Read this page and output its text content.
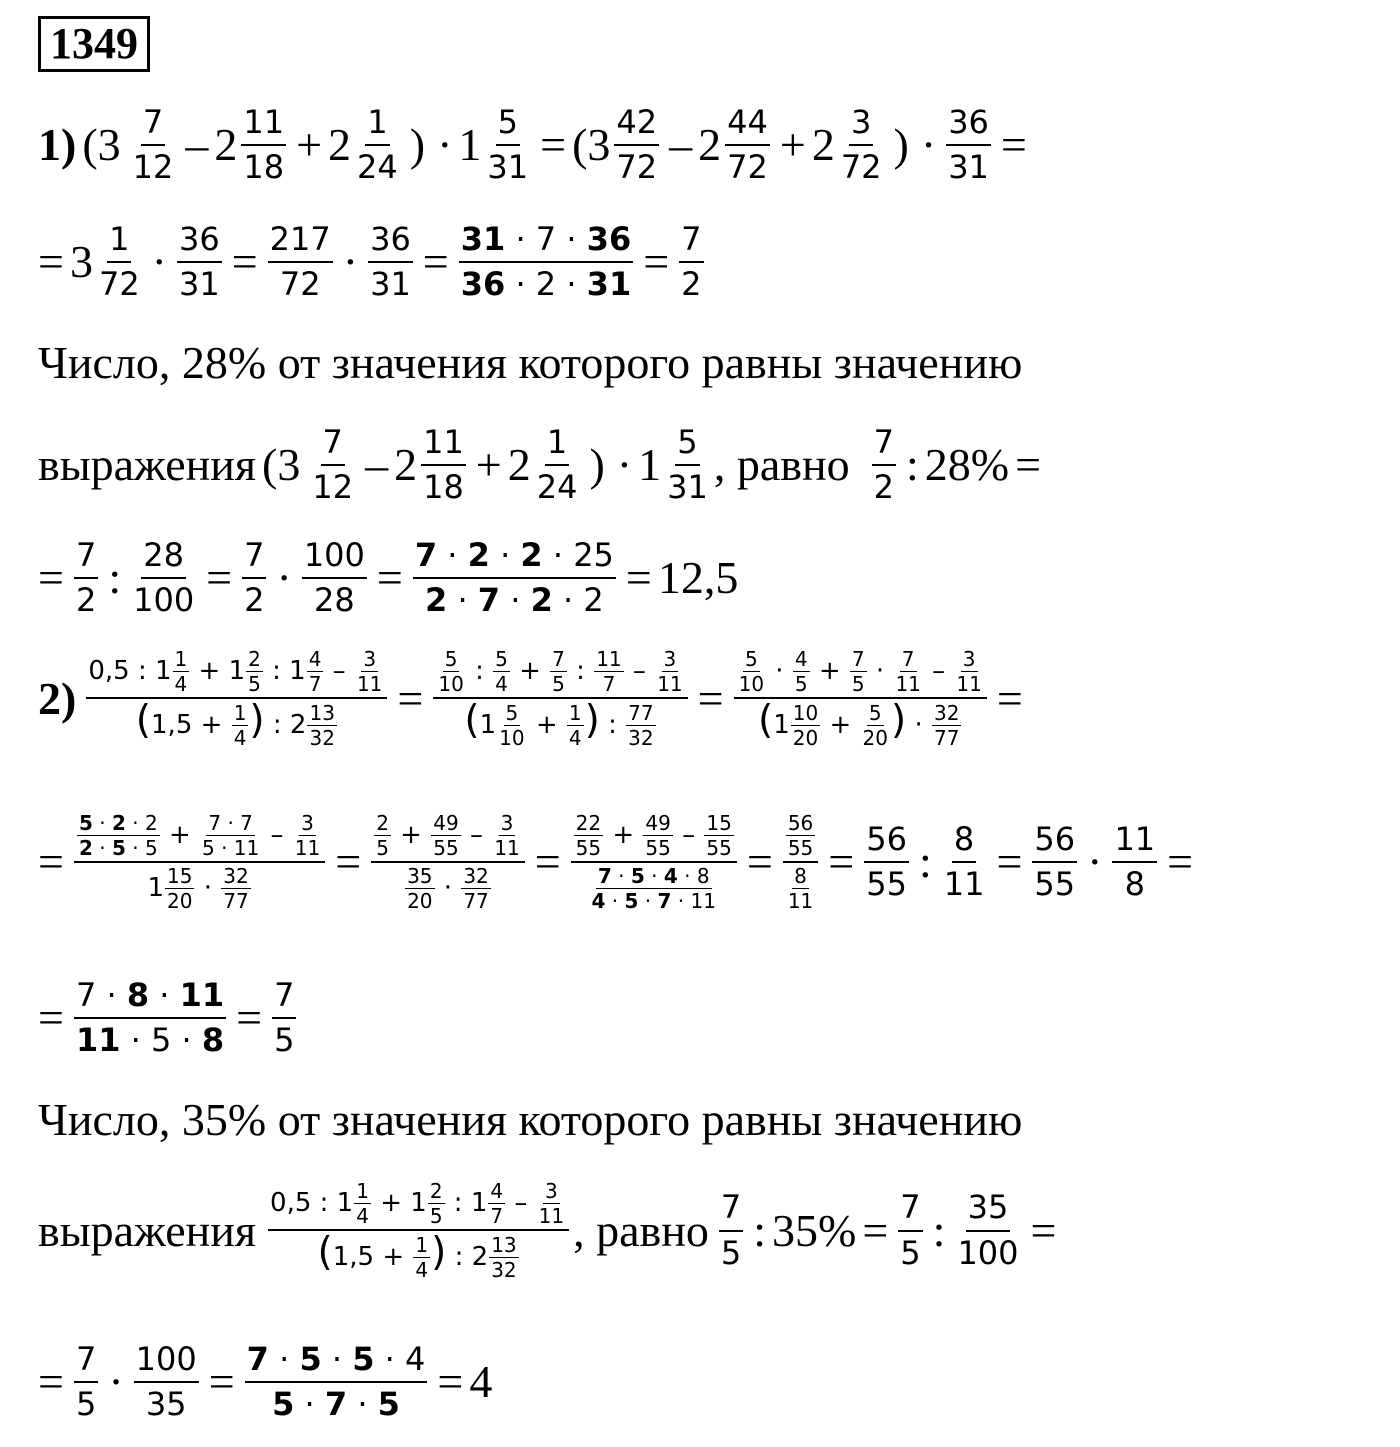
1349
1) (3 7
12 – 2 11
$18 + 2 \frac{1}{24}$ ) · $1 \frac{5}{31} = (3 \frac{42}{72} - 2$ 44
$72 + 2 \frac{3}{72}$ ) · $\frac{36}{31}$ =
= $3 \frac{1}{72} \cdot \frac{36}{31} = \frac{217}{72} \cdot \frac{36}{31} = \frac{31 \cdot 7 \cdot 36}{36 \cdot 2 \cdot 31} = \frac{7}{2}$
Число, 28% от значения которого равны значению
выражения (3 7
12 – 2 11
$18 + 2 \frac{1}{24}$ ) · 1 5
31 , равно 7
2 : 28% =
= $\frac{7}{2}$ : $\frac{28}{100} = \frac{7}{2} \cdot \frac{100}{28} = \frac{7 \cdot 2 \cdot 2 \cdot 25}{2 \cdot 7 \cdot 2 \cdot 2} = 12,5$
$2) \frac{0,5 : 1 \frac{1}{4} + 1 \frac{2}{5} : 1 \frac{4}{7} - \frac{3}{11}}{(1,5 + \frac{1}{4} ) : 2 \frac{13}{32}} = \frac{\frac{5}{10} : \frac{5}{4} + \frac{7}{5} : \frac{11}{7} - \frac{3}{11}}{(1 \frac{5}{10} + \frac{1}{4} ) : \frac{77}{32}} = \frac{\frac{5}{10} \cdot \frac{4}{5} + \frac{7}{5} \cdot \frac{7}{11} - \frac{3}{11}}{(1 \frac{10}{20} + \frac{5}{20} ) \cdot \frac{32}{77}}$ =
= $\frac{\frac{5 \cdot 2 \cdot 2}{2 \cdot 5 \cdot 5} + \frac{7 \cdot 7}{5 \cdot 11} - \frac{3}{11}}{1 \frac{15}{20} \cdot \frac{32}{77}} = \frac{\frac{2}{5} + \frac{49}{55} - \frac{3}{11}}{\frac{35}{20} \cdot \frac{32}{77}} = \frac{\frac{22}{55} + \frac{49}{55} - \frac{15}{55}}{\frac{7 \cdot 5 \cdot 4 \cdot 8}{4 \cdot 5 \cdot 7 \cdot 11}} = \frac{\frac{56}{55}}{\frac{8}{11}} = \frac{56}{55}$ : $\frac{8}{11} = \frac{56}{55} \cdot \frac{11}{8}$ =
= $\frac{7 \cdot 8 \cdot 11}{11 \cdot 5 \cdot 8} = \frac{7}{5}$
Число, 35% от значения которого равны значению
выражения
0,5 : $1 \frac{1}{4} + 1 \frac{2}{5}$ : $1 \frac{4}{7} - \frac{3}{11}$
($1,5 + \frac{1}{4}$ ) : $2 \frac{13}{32}$
, равно 7
5 : $35\% = \frac{7}{5}$ : $\frac{35}{100}$ =
= $\frac{7}{5} \cdot \frac{100}{35} = \frac{7 \cdot 5 \cdot 5 \cdot 4}{5 \cdot 7 \cdot 5} = 4$
